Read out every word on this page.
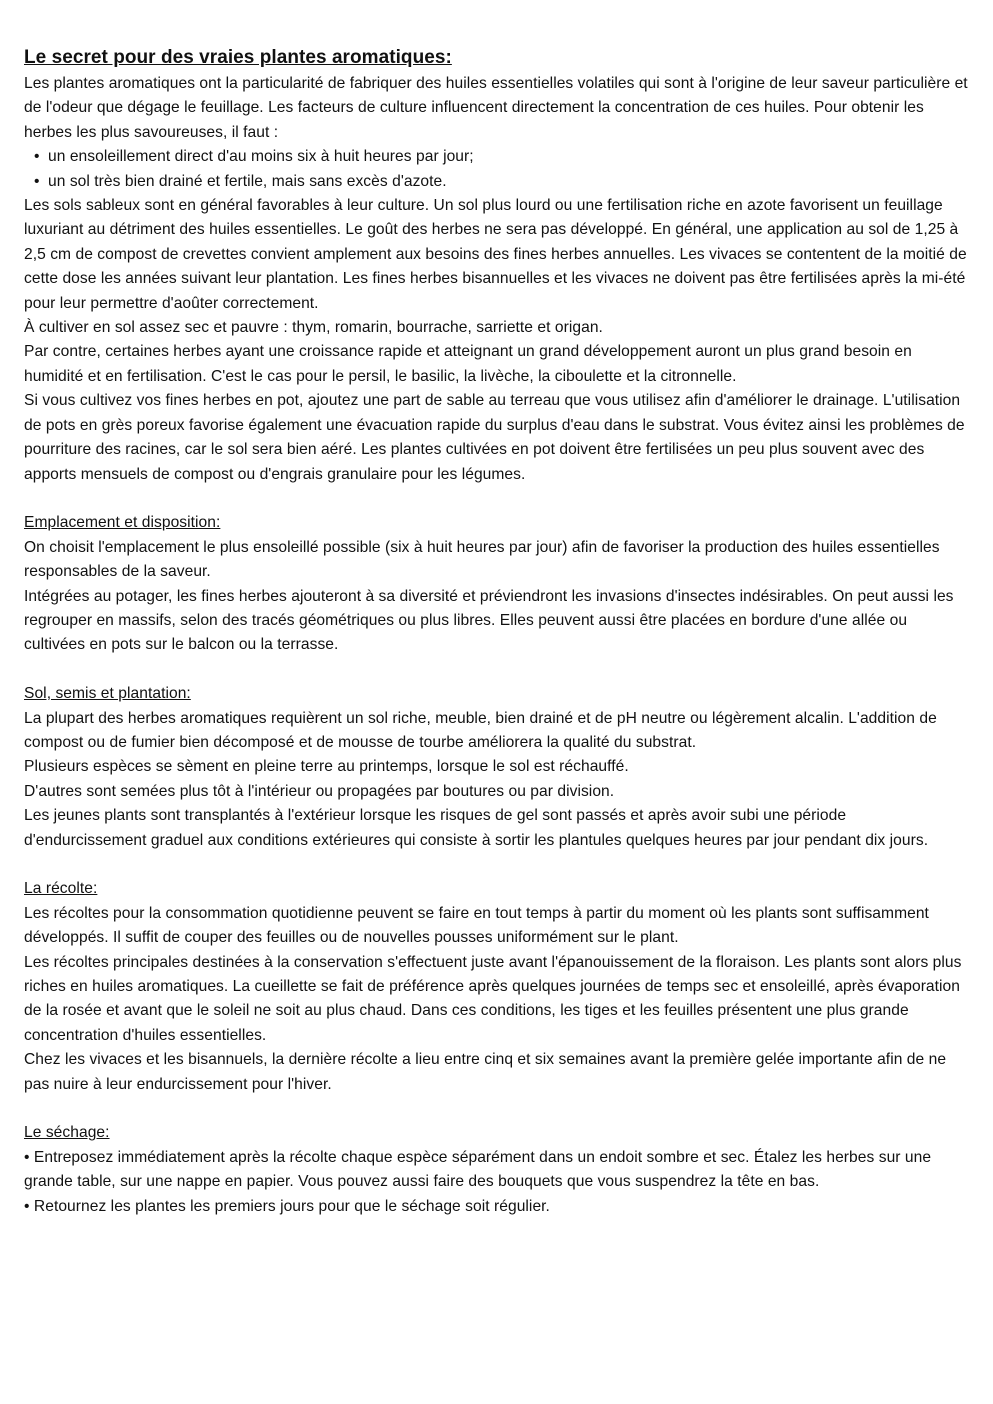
Le secret pour des vraies plantes aromatiques:

Les plantes aromatiques ont la particularité de fabriquer des huiles essentielles volatiles qui sont à l'origine de leur saveur particulière et de l'odeur que dégage le feuillage. Les facteurs de culture influencent directement la concentration de ces huiles. Pour obtenir les herbes les plus savoureuses, il faut :

• un ensoleillement direct d'au moins six à huit heures par jour;

• un sol très bien drainé et fertile, mais sans excès d'azote.

Les sols sableux sont en général favorables à leur culture. Un sol plus lourd ou une fertilisation riche en azote favorisent un feuillage luxuriant au détriment des huiles essentielles. Le goût des herbes ne sera pas développé. En général, une application au sol de 1,25 à 2,5 cm de compost de crevettes convient amplement aux besoins des fines herbes annuelles. Les vivaces se contentent de la moitié de cette dose les années suivant leur plantation. Les fines herbes bisannuelles et les vivaces ne doivent pas être fertilisées après la mi-été pour leur permettre d'aoûter correctement.

À cultiver en sol assez sec et pauvre : thym, romarin, bourrache, sarriette et origan.

Par contre, certaines herbes ayant une croissance rapide et atteignant un grand développement auront un plus grand besoin en humidité et en fertilisation. C'est le cas pour le persil, le basilic, la livèche, la ciboulette et la citronnelle.

Si vous cultivez vos fines herbes en pot, ajoutez une part de sable au terreau que vous utilisez afin d'améliorer le drainage. L'utilisation de pots en grès poreux favorise également une évacuation rapide du surplus d'eau dans le substrat. Vous évitez ainsi les problèmes de pourriture des racines, car le sol sera bien aéré. Les plantes cultivées en pot doivent être fertilisées un peu plus souvent avec des apports mensuels de compost ou d'engrais granulaire pour les légumes.

Emplacement et disposition:

On choisit l'emplacement le plus ensoleillé possible (six à huit heures par jour) afin de favoriser la production des huiles essentielles responsables de la saveur.

Intégrées au potager, les fines herbes ajouteront à sa diversité et préviendront les invasions d'insectes indésirables. On peut aussi les regrouper en massifs, selon des tracés géométriques ou plus libres. Elles peuvent aussi être placées en bordure d'une allée ou cultivées en pots sur le balcon ou la terrasse.

Sol, semis et plantation:

La plupart des herbes aromatiques requièrent un sol riche, meuble, bien drainé et de pH neutre ou légèrement alcalin. L'addition de compost ou de fumier bien décomposé et de mousse de tourbe améliorera la qualité du substrat.

Plusieurs espèces se sèment en pleine terre au printemps, lorsque le sol est réchauffé.

D'autres sont semées plus tôt à l'intérieur ou propagées par boutures ou par division.

Les jeunes plants sont transplantés à l'extérieur lorsque les risques de gel sont passés et après avoir subi une période d'endurcissement graduel aux conditions extérieures qui consiste à sortir les plantules quelques heures par jour pendant dix jours.

La récolte:

Les récoltes pour la consommation quotidienne peuvent se faire en tout temps à partir du moment où les plants sont suffisamment développés. Il suffit de couper des feuilles ou de nouvelles pousses uniformément sur le plant.

Les récoltes principales destinées à la conservation s'effectuent juste avant l'épanouissement de la floraison. Les plants sont alors plus riches en huiles aromatiques. La cueillette se fait de préférence après quelques journées de temps sec et ensoleillé, après évaporation de la rosée et avant que le soleil ne soit au plus chaud. Dans ces conditions, les tiges et les feuilles présentent une plus grande concentration d'huiles essentielles.

Chez les vivaces et les bisannuels, la dernière récolte a lieu entre cinq et six semaines avant la première gelée importante afin de ne pas nuire à leur endurcissement pour l'hiver.

Le séchage:

• Entreposez immédiatement après la récolte chaque espèce séparément dans un endoit sombre et sec. Étalez les herbes sur une grande table, sur une nappe en papier. Vous pouvez aussi faire des bouquets que vous suspendrez la tête en bas.

• Retournez les plantes les premiers jours pour que le séchage soit régulier.
